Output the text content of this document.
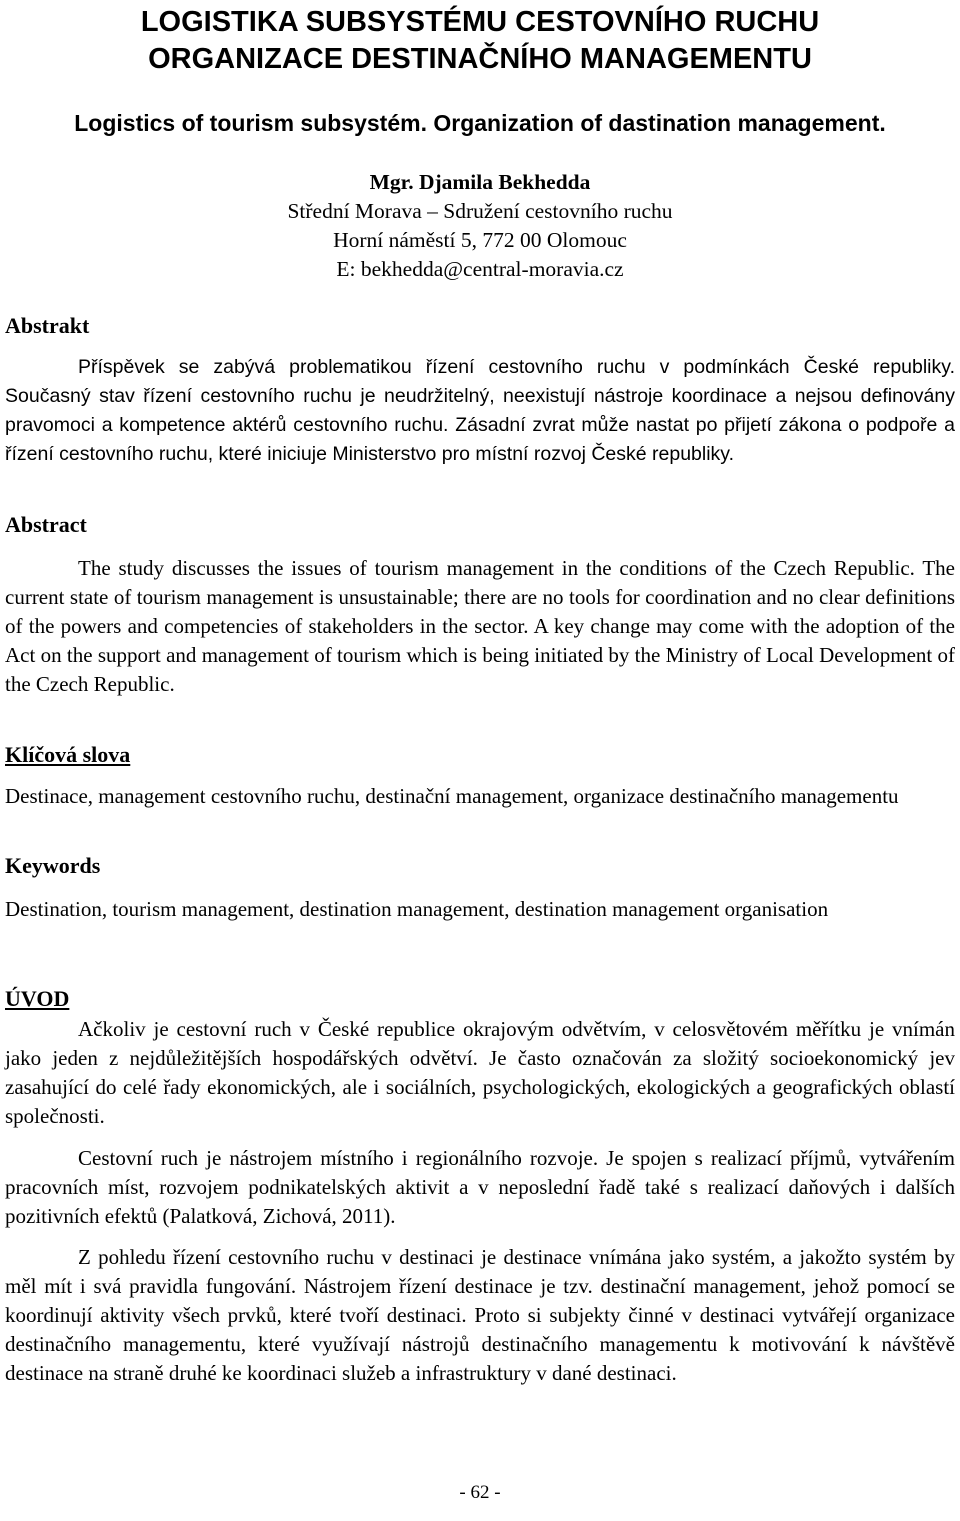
LOGISTIKA SUBSYSTÉMU CESTOVNÍHO RUCHU
ORGANIZACE DESTINAČNÍHO MANAGEMENTU
Logistics of tourism subsystém. Organization of dastination management.
Mgr. Djamila Bekhedda
Střední Morava – Sdružení cestovního ruchu
Horní náměstí 5, 772 00 Olomouc
E: bekhedda@central-moravia.cz
Abstrakt

Příspěvek se zabývá problematikou řízení cestovního ruchu v podmínkách České republiky. Současný stav řízení cestovního ruchu je neudržitelný, neexistují nástroje koordinace a nejsou definovány pravomoci a kompetence aktérů cestovního ruchu. Zásadní zvrat může nastat po přijetí zákona o podpoře a řízení cestovního ruchu, které iniciuje Ministerstvo pro místní rozvoj České republiky.

Abstract

The study discusses the issues of tourism management in the conditions of the Czech Republic. The current state of tourism management is unsustainable; there are no tools for coordination and no clear definitions of the powers and competencies of stakeholders in the sector. A key change may come with the adoption of the Act on the support and management of tourism which is being initiated by the Ministry of Local Development of the Czech Republic.

Klíčová slova

Destinace, management cestovního ruchu, destinační management, organizace destinačního managementu

Keywords

Destination, tourism management, destination management, destination management organisation

ÚVOD

Ačkoliv je cestovní ruch v České republice okrajovým odvětvím, v celosvětovém měřítku je vnímán jako jeden z nejdůležitějších hospodářských odvětví. Je často označován za složitý socioekonomický jev zasahující do celé řady ekonomických, ale i sociálních, psychologických, ekologických a geografických oblastí společnosti.

Cestovní ruch je nástrojem místního i regionálního rozvoje. Je spojen s realizací příjmů, vytvářením pracovních míst, rozvojem podnikatelských aktivit a v neposlední řadě také s realizací daňových i dalších pozitivních efektů (Palatková, Zichová, 2011).

Z pohledu řízení cestovního ruchu v destinaci je destinace vnímána jako systém, a jakožto systém by měl mít i svá pravidla fungování. Nástrojem řízení destinace je tzv. destinační management, jehož pomocí se koordinují aktivity všech prvků, které tvoří destinaci. Proto si subjekty činné v destinaci vytvářejí organizace destinačního managementu, které využívají nástrojů destinačního managementu k motivování k návštěvě destinace na straně druhé ke koordinaci služeb a infrastruktury v dané destinaci.

- 62 -
